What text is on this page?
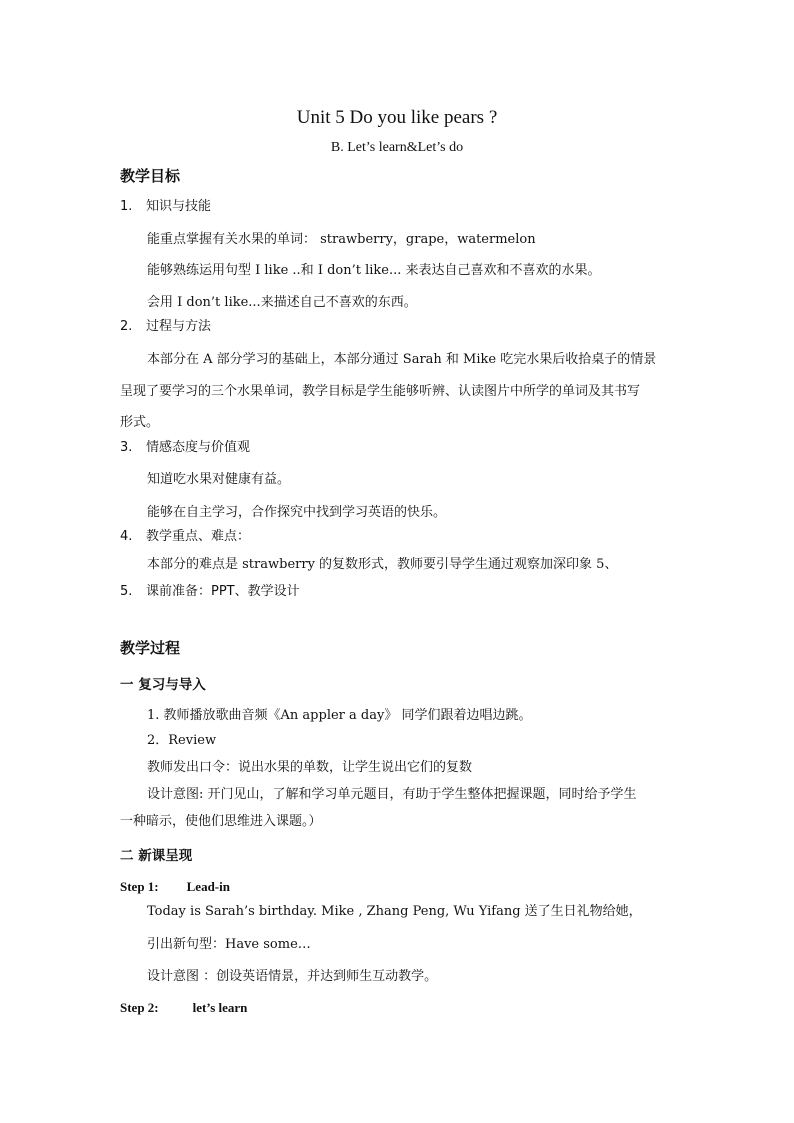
Unit 5 Do you like pears ?
B. Let’s learn&Let’s do
教学目标
1. 知识与技能
能重点掌握有关水果的单词： strawberry，grape，watermelon
能够熟练运用句型 I like ..和 I don’t like... 来表达自己喜欢和不喜欢的水果。
会用 I don’t like...来描述自己不喜欢的东西。
2. 过程与方法
本部分在 A 部分学习的基础上，本部分通过 Sarah 和 Mike 吃完水果后收拾桌子的情景
呈现了要学习的三个水果单词，教学目标是学生能够听辨、认读图片中所学的单词及其书写
形式。
3. 情感态度与价值观
知道吃水果对健康有益。
能够在自主学习，合作探究中找到学习英语的快乐。
4. 教学重点、难点：
本部分的难点是 strawberry 的复数形式，教师要引导学生通过观察加深印象 5、
5. 课前准备：PPT、教学设计
教学过程
一 复习与导入
1. 教师播放歌曲音频《An appler a day》 同学们跟着边唱边跳。
2．Review
教师发出口令：说出水果的单数，让学生说出它们的复数
设计意图: 开门见山，了解和学习单元题目，有助于学生整体把握课题，同时给予学生
一种暗示，使他们思维进入课题。）
二 新课呈现
Step 1: Lead-in
Today is Sarah’s birthday. Mike , Zhang Peng, Wu Yifang 送了生日礼物给她，
引出新句型：Have some…
设计意图 ：创设英语情景，并达到师生互动教学。
Step 2:	let’s learn
